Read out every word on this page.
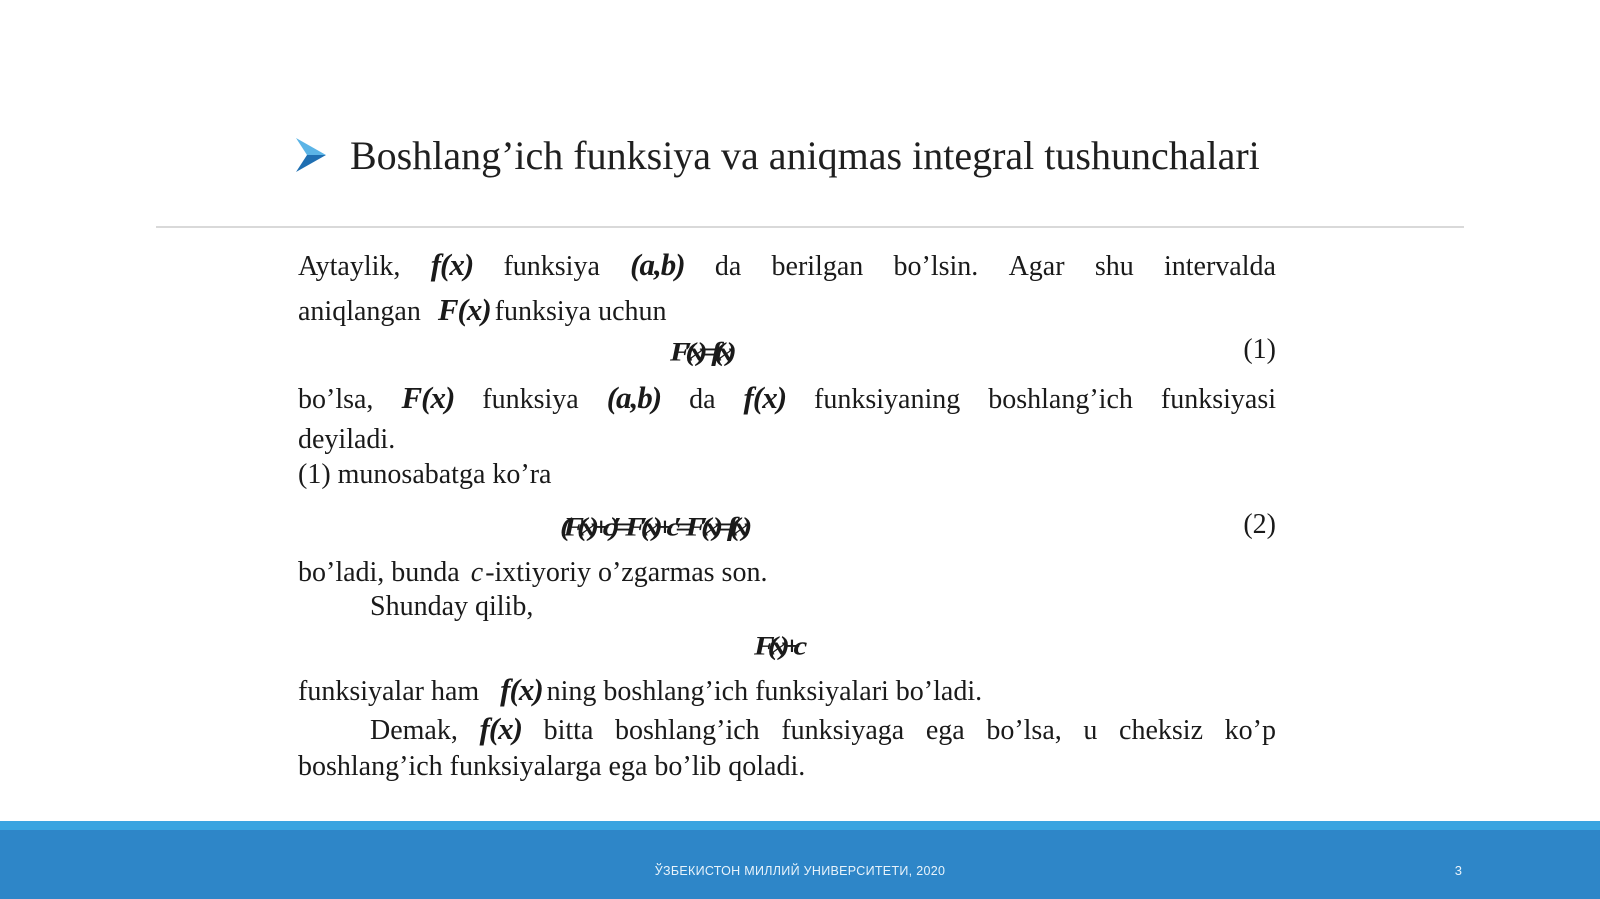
Boshlang’ich funksiya va aniqmas integral tushunchalari
Aytaylik, f(x) funksiya (a,b) da berilgan bo’lsin. Agar shu intervalda
aniqlangan F(x) funksiya uchun
F′(x)=f(x)	(1)
bo’lsa, F(x) funksiya (a,b) da f(x) funksiyaning boshlang’ich funksiyasi
deyiladi.
(1) munosabatga ko’ra
(F(x)+c)′=F′(x)+c′=F′(x)=f(x)	(2)
bo’ladi, bunda c-ixtiyoriy o’zgarmas son.
Shunday qilib,
F(x)+c
funksiyalar ham f(x) ning boshlang’ich funksiyalari bo’ladi.
Demak, f(x) bitta boshlang’ich funksiyaga ega bo’lsa, u cheksiz ko’p
boshlang’ich funksiyalarga ega bo’lib qoladi.
ЎЗБЕКИСТОН МИЛЛИЙ УНИВЕРСИТЕТИ, 2020	3
